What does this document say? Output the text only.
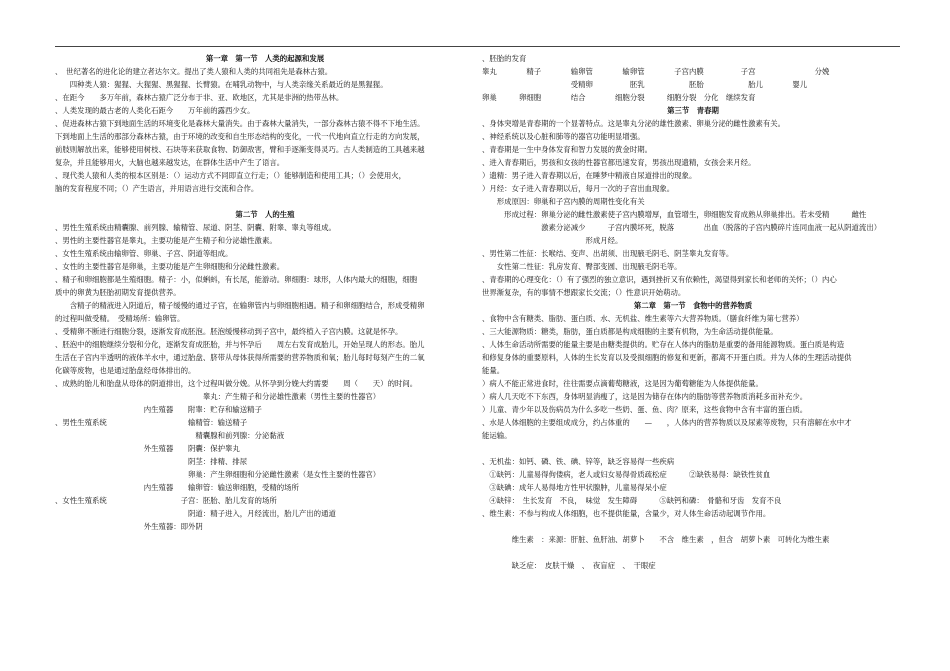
第一章　第一节　人类的起源和发展
、　世纪著名的进化论的建立者达尔文。提出了类人猿和人类的共同祖先是森林古猿。
　　四种类人猿：猩猩、大猩猩、黑猩猩、长臂猿。在哺乳动物中，与人类亲缘关系最近的是黑猩猩。
、在距今　　多万年前，森林古猿广泛分布于非、亚、欧地区，尤其是非洲的热带丛林。
、人类发现的最古老的人类化石距今　　万年前的露西少女。
、促进森林古猿下到地面生活的环境变化是森林大量消失。由于森林大量消失，一部分森林古猿不得不下地生活。
下到地面上生活的那部分森林古猿，由于环境的改变和自生形态结构的变化，一代一代地向直立行走的方向发展，
前肢则解放出来，能够使用树枝、石块等来获取食物、防御敌害，臂和手逐渐变得灵巧。古人类制造的工具越来越
复杂，并且能够用火，大脑也越来越发达，在群体生活中产生了语言。
、现代类人猿和人类的根本区别是：（）运动方式不同即直立行走；（）能够制造和使用工具；（）会使用火，
脑的发育程度不同；（）产生语言，并用语言进行交流和合作。
第二节　人的生殖
、男性生殖系统由精囊腺、前列腺、输精管、尿道、阴茎、阴囊、附睾、睾丸等组成。
、男性的主要性器官是睾丸，主要功能是产生精子和分泌雄性激素。
、女性生殖系统由输卵管、卵巢、子宫、阴道等组成。
、女性的主要性器官是卵巢，主要功能是产生卵细胞和分泌雌性激素。
、精子和卵细胞都是生殖细胞。精子：小，似蝌蚪，有长尾，能游动。卵细胞：球形，人体内最大的细胞，细胞
质中的卵黄为胚胎初期发育提供营养。
　　含精子的精液进入阴道后，精子缓慢的通过子宫，在输卵管内与卵细胞相遇。精子和卵细胞结合，形成受精卵
的过程叫做受精。　受精场所：输卵管。
、受精卵不断进行细胞分裂，逐渐发育成胚泡。胚泡缓慢移动到子宫中，最终植入子宫内膜。这就是怀孕。
、胚泡中的细胞继续分裂和分化，逐渐发育成胚胎，并与怀孕后　　周左右发育成胎儿，开始呈现人的形态。胎儿
生活在子宫内半透明的液体羊水中，通过胎盘、脐带从母体获得所需要的营养物质和氧；胎儿每时每刻产生的二氧
化碳等废物，也是通过胎盘经母体排出的。
、成熟的胎儿和胎盘从母体的阴道排出，这个过程叫做分娩。从怀孕到分娩大约需要　　周（　　天）的时间。
　　　　　　　　　　　　　　　　　　　　睾丸：产生精子和分泌雄性激素（男性主要的性器官）
　　　　　　　　　　　　内生殖器　　附睾：贮存和输送精子
、男性生殖系统　　　　　　　　　　　输精管：输送精子
　　　　　　　　　　　　　　　　　　　精囊腺和前列腺：分泌黏液
　　　　　　　　　　　　外生殖器　　阴囊：保护睾丸
　　　　　　　　　　　　　　　　　　阴茎：排精、排尿
　　　　　　　　　　　　　　　　　　卵巢：产生卵细胞和分泌雌性激素（是女性主要的性器官）
　　　　　　　　　　　　内生殖器　　输卵管：输送卵细胞，受精的场所
、女性生殖系统　　　　　　　　　　子宫：胚胎、胎儿发育的场所
　　　　　　　　　　　　　　　　　　阴道：精子进入，月经流出，胎儿产出的通道
　　　　　　　　　　　　外生殖器：即外阴
、胚胎的发育
睾丸　　　　精子　　　　输卵管　　　　输卵管　　　　子宫内膜　　　　　子宫　　　　　　　　分娩
　　　　　　　　　　　　受精卵　　　　　胚乳　　　　　　胚胎　　　　　　胎儿　　　　婴儿
卵巢　　　卵细胞　　　　结合　　　　细胞分裂　　　细胞分裂　分化　继续发育
第三节　青春期
、身体突增是青春期的一个显著特点。这是睾丸分泌的雄性激素、卵巢分泌的雌性激素有关。
、神经系统以及心脏和肺等的器官功能明显增强。
、青春期是一生中身体发育和智力发展的黄金时期。
、进入青春期后，男孩和女孩的性器官都迅速发育，男孩出现遗精，女孩会来月经。
）遗精：男子进入青春期以后，在睡梦中精液自尿道排出的现象。
）月经：女子进入青春期以后，每月一次的子宫出血现象。
　　形成原因：卵巢和子宫内膜的周期性变化有关
　　　形成过程：卵巢分泌的雌性激素使子宫内膜增厚，血管增生，卵细胞发育成熟从卵巢排出。若未受精　　　雌性
　　　　　　　　激素分泌减少　　　子宫内膜坏死，脱落　　　　出血（脱落的子宫内膜碎片连同血液一起从阴道流出）
　　　　　　　　　　　　　　形成月经。
、男性第二性征：长喉结、变声、出胡须、出现腋毛阴毛、阴茎睾丸发育等。
　　女性第二性征：乳房发育、臀部变圆、出现腋毛阴毛等。
、青春期的心理变化：（）有了强烈的独立意识，遇到挫折又有依赖性，渴望得到家长和老师的关怀；（）内心
世界渐复杂，有的事情不想跟家长交流；（）性意识开始萌动。
第二章　第一节　食物中的营养物质
、食物中含有糖类、脂肪、蛋白质、水、无机盐、维生素等六大营养物质。（膳食纤维为第七营养）
、三大能源物质：糖类，脂肪，蛋白质都是构成细胞的主要有机物，为生命活动提供能量。
、人体生命活动所需要的能量主要是由糖类提供的。贮存在人体内的脂肪是重要的备用能源物质。蛋白质是构造
和修复身体的重要原料，人体的生长发育以及受损细胞的修复和更新，都离不开蛋白质。并为人体的生理活动提供
能量。
）病人不能正常进食时，往往需要点滴葡萄糖液，这是因为葡萄糖能为人体提供能量。
）病人几天吃不下东西，身体明显消瘦了，这是因为储存在体内的脂肪等营养物质消耗多而补充少。
）儿童、青少年以及伤病员为什么多吃一些奶、蛋、鱼、肉？原来，这些食物中含有丰富的蛋白质。
、水是人体细胞的主要组成成分，约占体重的　　—　　，人体内的营养物质以及尿素等废物，只有溶解在水中才
能运输。
、无机盐：如钙、磷、铁、碘、锌等，缺乏容易得一些疾病
　①缺钙：儿童易得佝偻病，老人或妇女易得骨质疏松症　　　②缺铁易得：缺铁性贫血
　③缺碘：成年人易得地方性甲状腺肿，儿童易得呆小症
　④缺锌：　生长发育　不良，　味觉　发生障碍　　　⑤缺钙和磷：　骨骼和牙齿　发育不良
、维生素：不参与构成人体细胞，也不提供能量，含量少，对人体生命活动起调节作用。
　　　　维生素　：来源：肝脏、鱼肝油、胡萝卜　　不含　维生素　，但含　胡萝卜素　可转化为维生素
　　　　缺乏症：　皮肤干燥　、　夜盲症　、　干眼症
